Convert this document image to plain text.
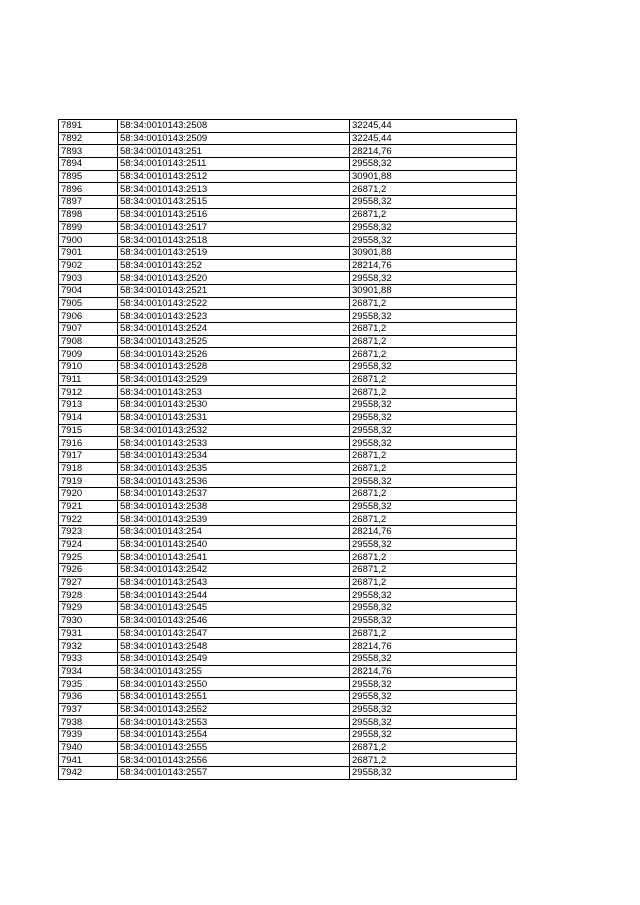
7891	58:34:0010143:2508	32245,44
7892	58:34:0010143:2509	32245,44
7893	58:34:0010143:251	28214,76
7894	58:34:0010143:2511	29558,32
7895	58:34:0010143:2512	30901,88
7896	58:34:0010143:2513	26871,2
7897	58:34:0010143:2515	29558,32
7898	58:34:0010143:2516	26871,2
7899	58:34:0010143:2517	29558,32
7900	58:34:0010143:2518	29558,32
7901	58:34:0010143:2519	30901,88
7902	58:34:0010143:252	28214,76
7903	58:34:0010143:2520	29558,32
7904	58:34:0010143:2521	30901,88
7905	58:34:0010143:2522	26871,2
7906	58:34:0010143:2523	29558,32
7907	58:34:0010143:2524	26871,2
7908	58:34:0010143:2525	26871,2
7909	58:34:0010143:2526	26871,2
7910	58:34:0010143:2528	29558,32
7911	58:34:0010143:2529	26871,2
7912	58:34:0010143:253	26871,2
7913	58:34:0010143:2530	29558,32
7914	58:34:0010143:2531	29558,32
7915	58:34:0010143:2532	29558,32
7916	58:34:0010143:2533	29558,32
7917	58:34:0010143:2534	26871,2
7918	58:34:0010143:2535	26871,2
7919	58:34:0010143:2536	29558,32
7920	58:34:0010143:2537	26871,2
7921	58:34:0010143:2538	29558,32
7922	58:34:0010143:2539	26871,2
7923	58:34:0010143:254	28214,76
7924	58:34:0010143:2540	29558,32
7925	58:34:0010143:2541	26871,2
7926	58:34:0010143:2542	26871,2
7927	58:34:0010143:2543	26871,2
7928	58:34:0010143:2544	29558,32
7929	58:34:0010143:2545	29558,32
7930	58:34:0010143:2546	29558,32
7931	58:34:0010143:2547	26871,2
7932	58:34:0010143:2548	28214,76
7933	58:34:0010143:2549	29558,32
7934	58:34:0010143:255	28214,76
7935	58:34:0010143:2550	29558,32
7936	58:34:0010143:2551	29558,32
7937	58:34:0010143:2552	29558,32
7938	58:34:0010143:2553	29558,32
7939	58:34:0010143:2554	29558,32
7940	58:34:0010143:2555	26871,2
7941	58:34:0010143:2556	26871,2
7942	58:34:0010143:2557	29558,32
